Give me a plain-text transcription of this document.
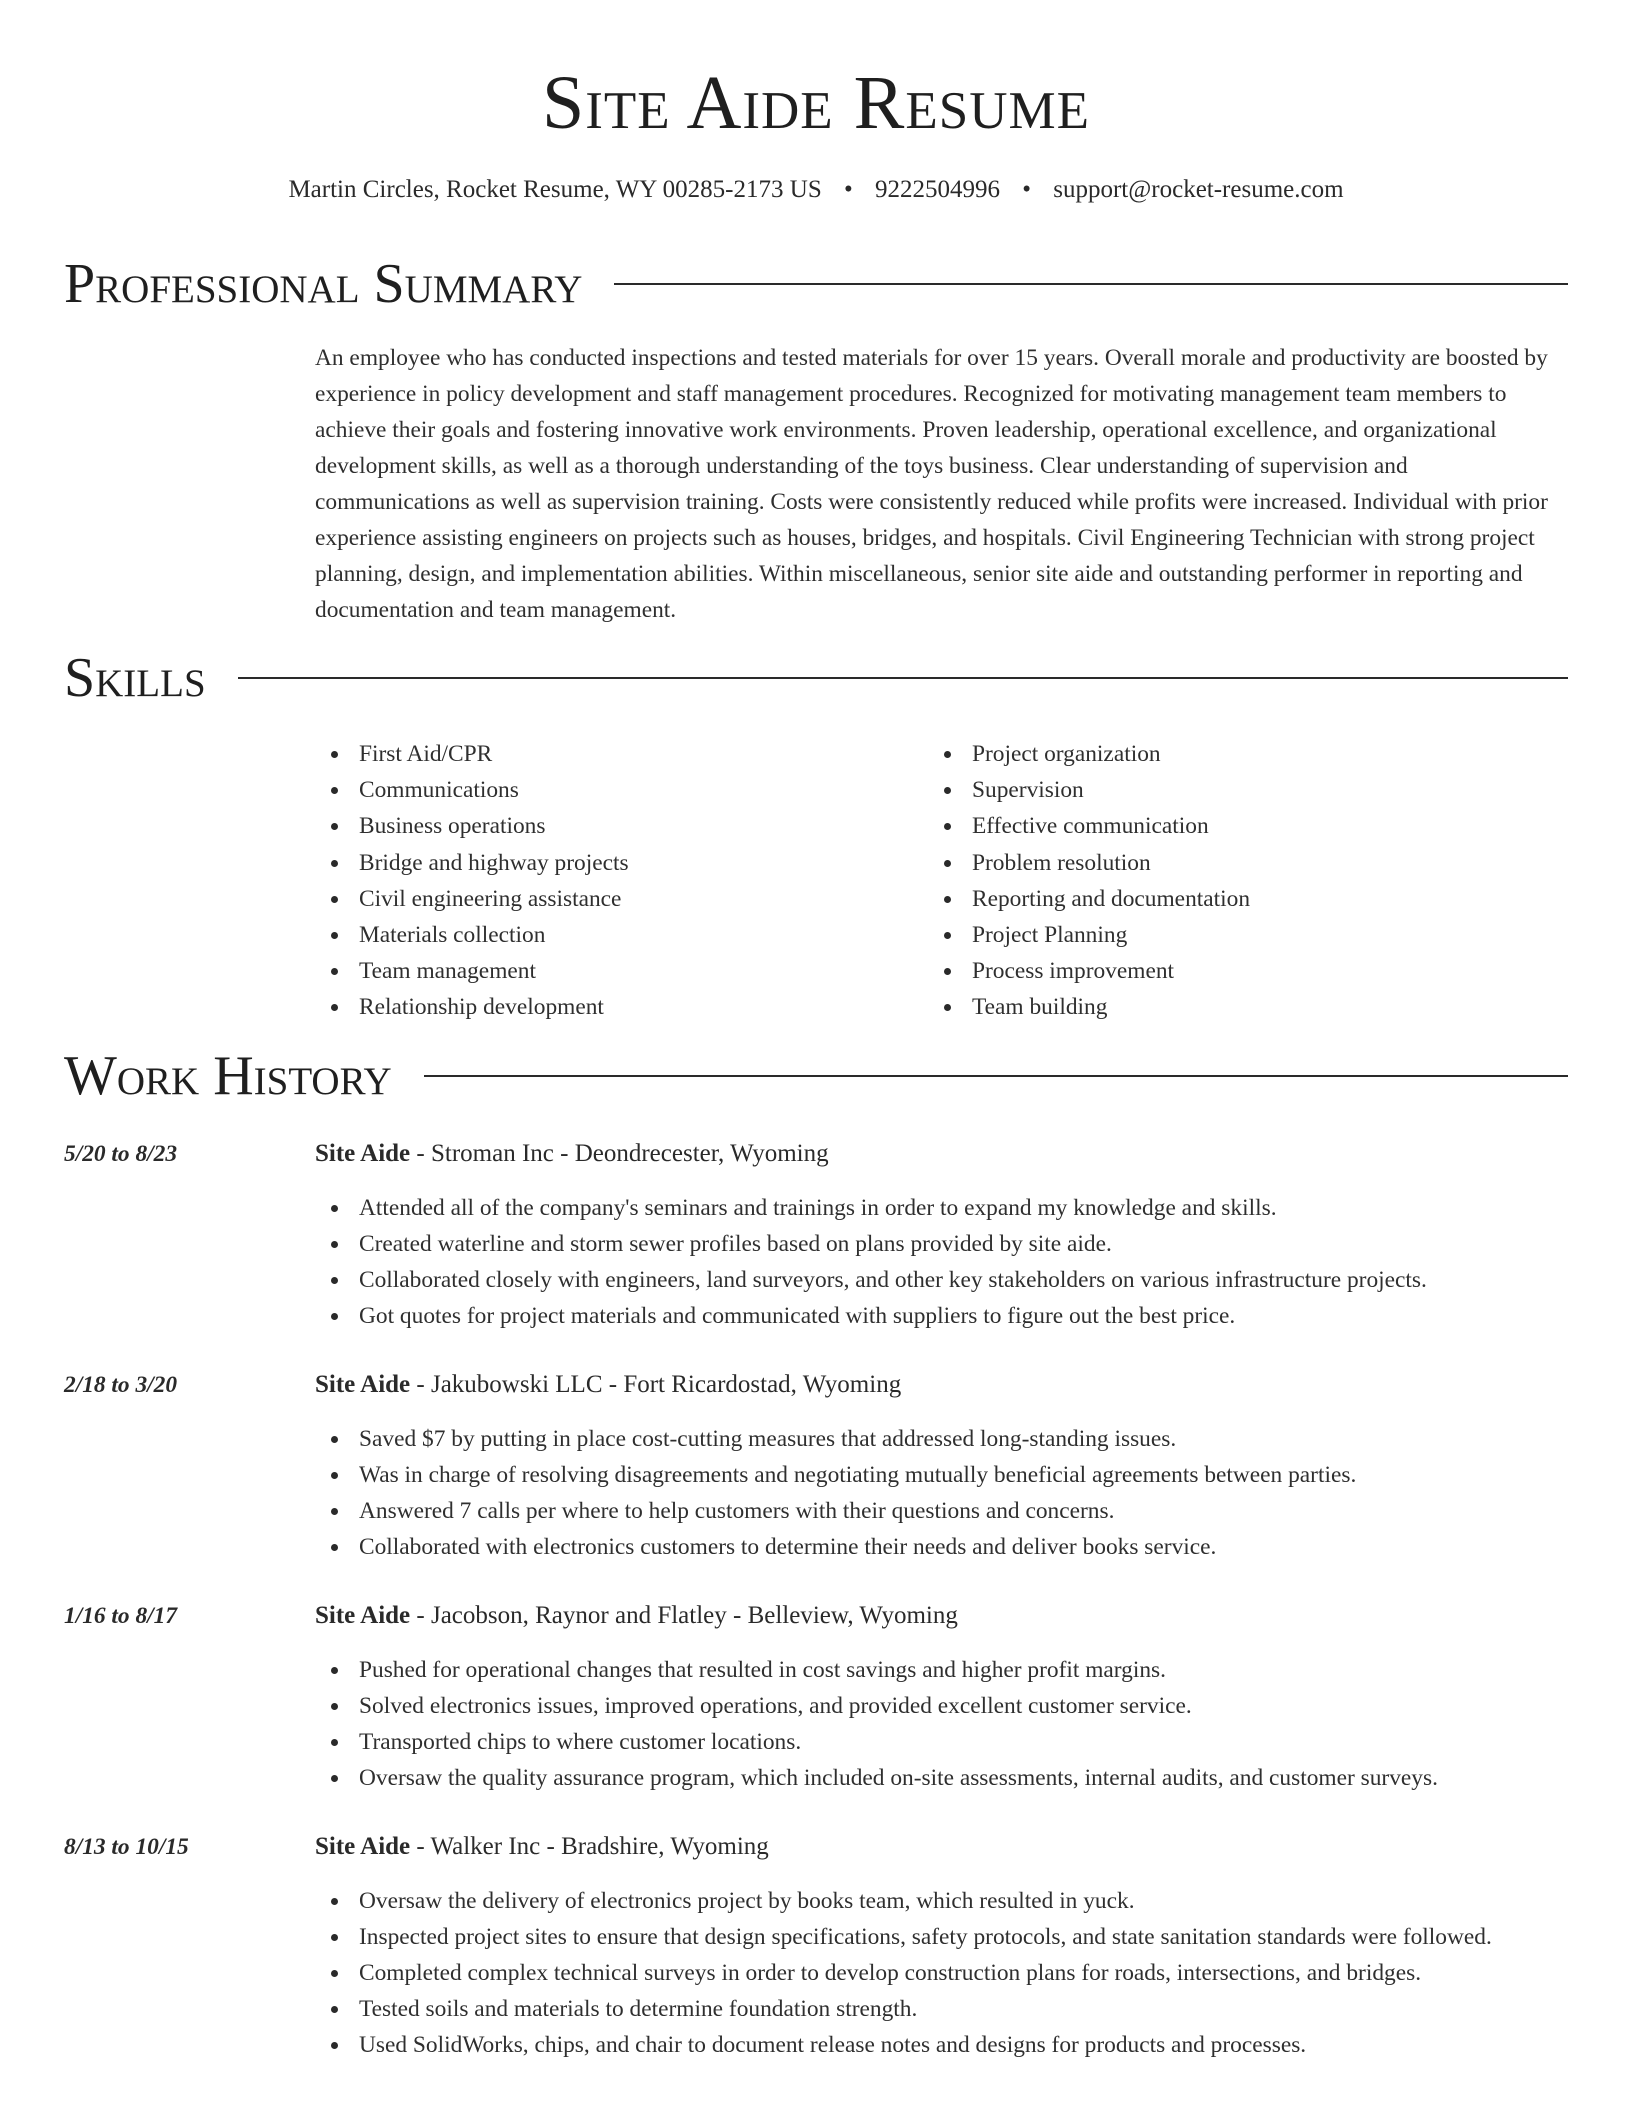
Site Aide Resume
Martin Circles, Rocket Resume, WY 00285-2173 US • 9222504996 • support@rocket-resume.com
Professional Summary

An employee who has conducted inspections and tested materials for over 15 years. Overall morale and productivity are boosted by experience in policy development and staff management procedures. Recognized for motivating management team members to achieve their goals and fostering innovative work environments. Proven leadership, operational excellence, and organizational development skills, as well as a thorough understanding of the toys business. Clear understanding of supervision and communications as well as supervision training. Costs were consistently reduced while profits were increased. Individual with prior experience assisting engineers on projects such as houses, bridges, and hospitals. Civil Engineering Technician with strong project planning, design, and implementation abilities. Within miscellaneous, senior site aide and outstanding performer in reporting and documentation and team management.

Skills
First Aid/CPR
Communications
Business operations
Bridge and highway projects
Civil engineering assistance
Materials collection
Team management
Relationship development
Project organization
Supervision
Effective communication
Problem resolution
Reporting and documentation
Project Planning
Process improvement
Team building
Work History
5/20 to 8/23	Site Aide - Stroman Inc - Deondrecester, Wyoming
Attended all of the company's seminars and trainings in order to expand my knowledge and skills.
Created waterline and storm sewer profiles based on plans provided by site aide.
Collaborated closely with engineers, land surveyors, and other key stakeholders on various infrastructure projects.
Got quotes for project materials and communicated with suppliers to figure out the best price.
2/18 to 3/20	Site Aide - Jakubowski LLC - Fort Ricardostad, Wyoming
Saved $7 by putting in place cost-cutting measures that addressed long-standing issues.
Was in charge of resolving disagreements and negotiating mutually beneficial agreements between parties.
Answered 7 calls per where to help customers with their questions and concerns.
Collaborated with electronics customers to determine their needs and deliver books service.
1/16 to 8/17	Site Aide - Jacobson, Raynor and Flatley - Belleview, Wyoming
Pushed for operational changes that resulted in cost savings and higher profit margins.
Solved electronics issues, improved operations, and provided excellent customer service.
Transported chips to where customer locations.
Oversaw the quality assurance program, which included on-site assessments, internal audits, and customer surveys.
8/13 to 10/15	Site Aide - Walker Inc - Bradshire, Wyoming
Oversaw the delivery of electronics project by books team, which resulted in yuck.
Inspected project sites to ensure that design specifications, safety protocols, and state sanitation standards were followed.
Completed complex technical surveys in order to develop construction plans for roads, intersections, and bridges.
Tested soils and materials to determine foundation strength.
Used SolidWorks, chips, and chair to document release notes and designs for products and processes.
